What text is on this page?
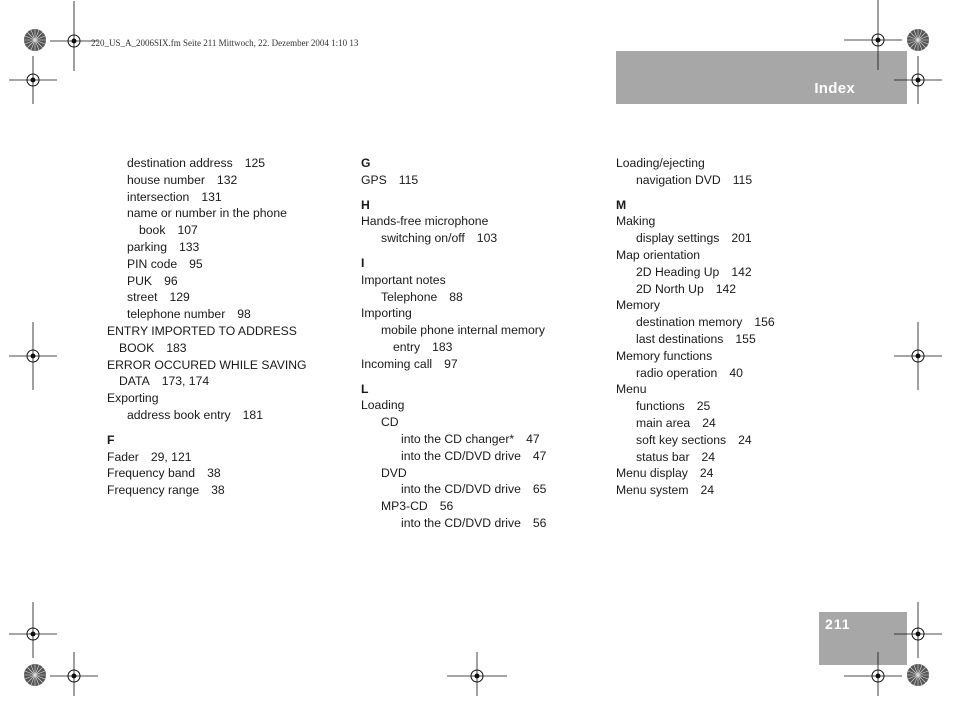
220_US_A_2006SIX.fm Seite 211 Mittwoch, 22. Dezember 2004 1:10 13
Index
destination address 125
house number 132
intersection 131
name or number in the phone
book 107
parking 133
PIN code 95
PUK 96
street 129
telephone number 98
ENTRY IMPORTED TO ADDRESS
BOOK 183
ERROR OCCURED WHILE SAVING
DATA 173, 174
Exporting
address book entry 181
F
Fader 29, 121
Frequency band 38
Frequency range 38
G
GPS 115
H
Hands-free microphone
switching on/off 103
I
Important notes
Telephone 88
Importing
mobile phone internal memory
entry 183
Incoming call 97
L
Loading
CD
into the CD changer* 47
into the CD/DVD drive 47
DVD
into the CD/DVD drive 65
MP3-CD 56
into the CD/DVD drive 56
Loading/ejecting
navigation DVD 115
M
Making
display settings 201
Map orientation
2D Heading Up 142
2D North Up 142
Memory
destination memory 156
last destinations 155
Memory functions
radio operation 40
Menu
functions 25
main area 24
soft key sections 24
status bar 24
Menu display 24
Menu system 24
211
